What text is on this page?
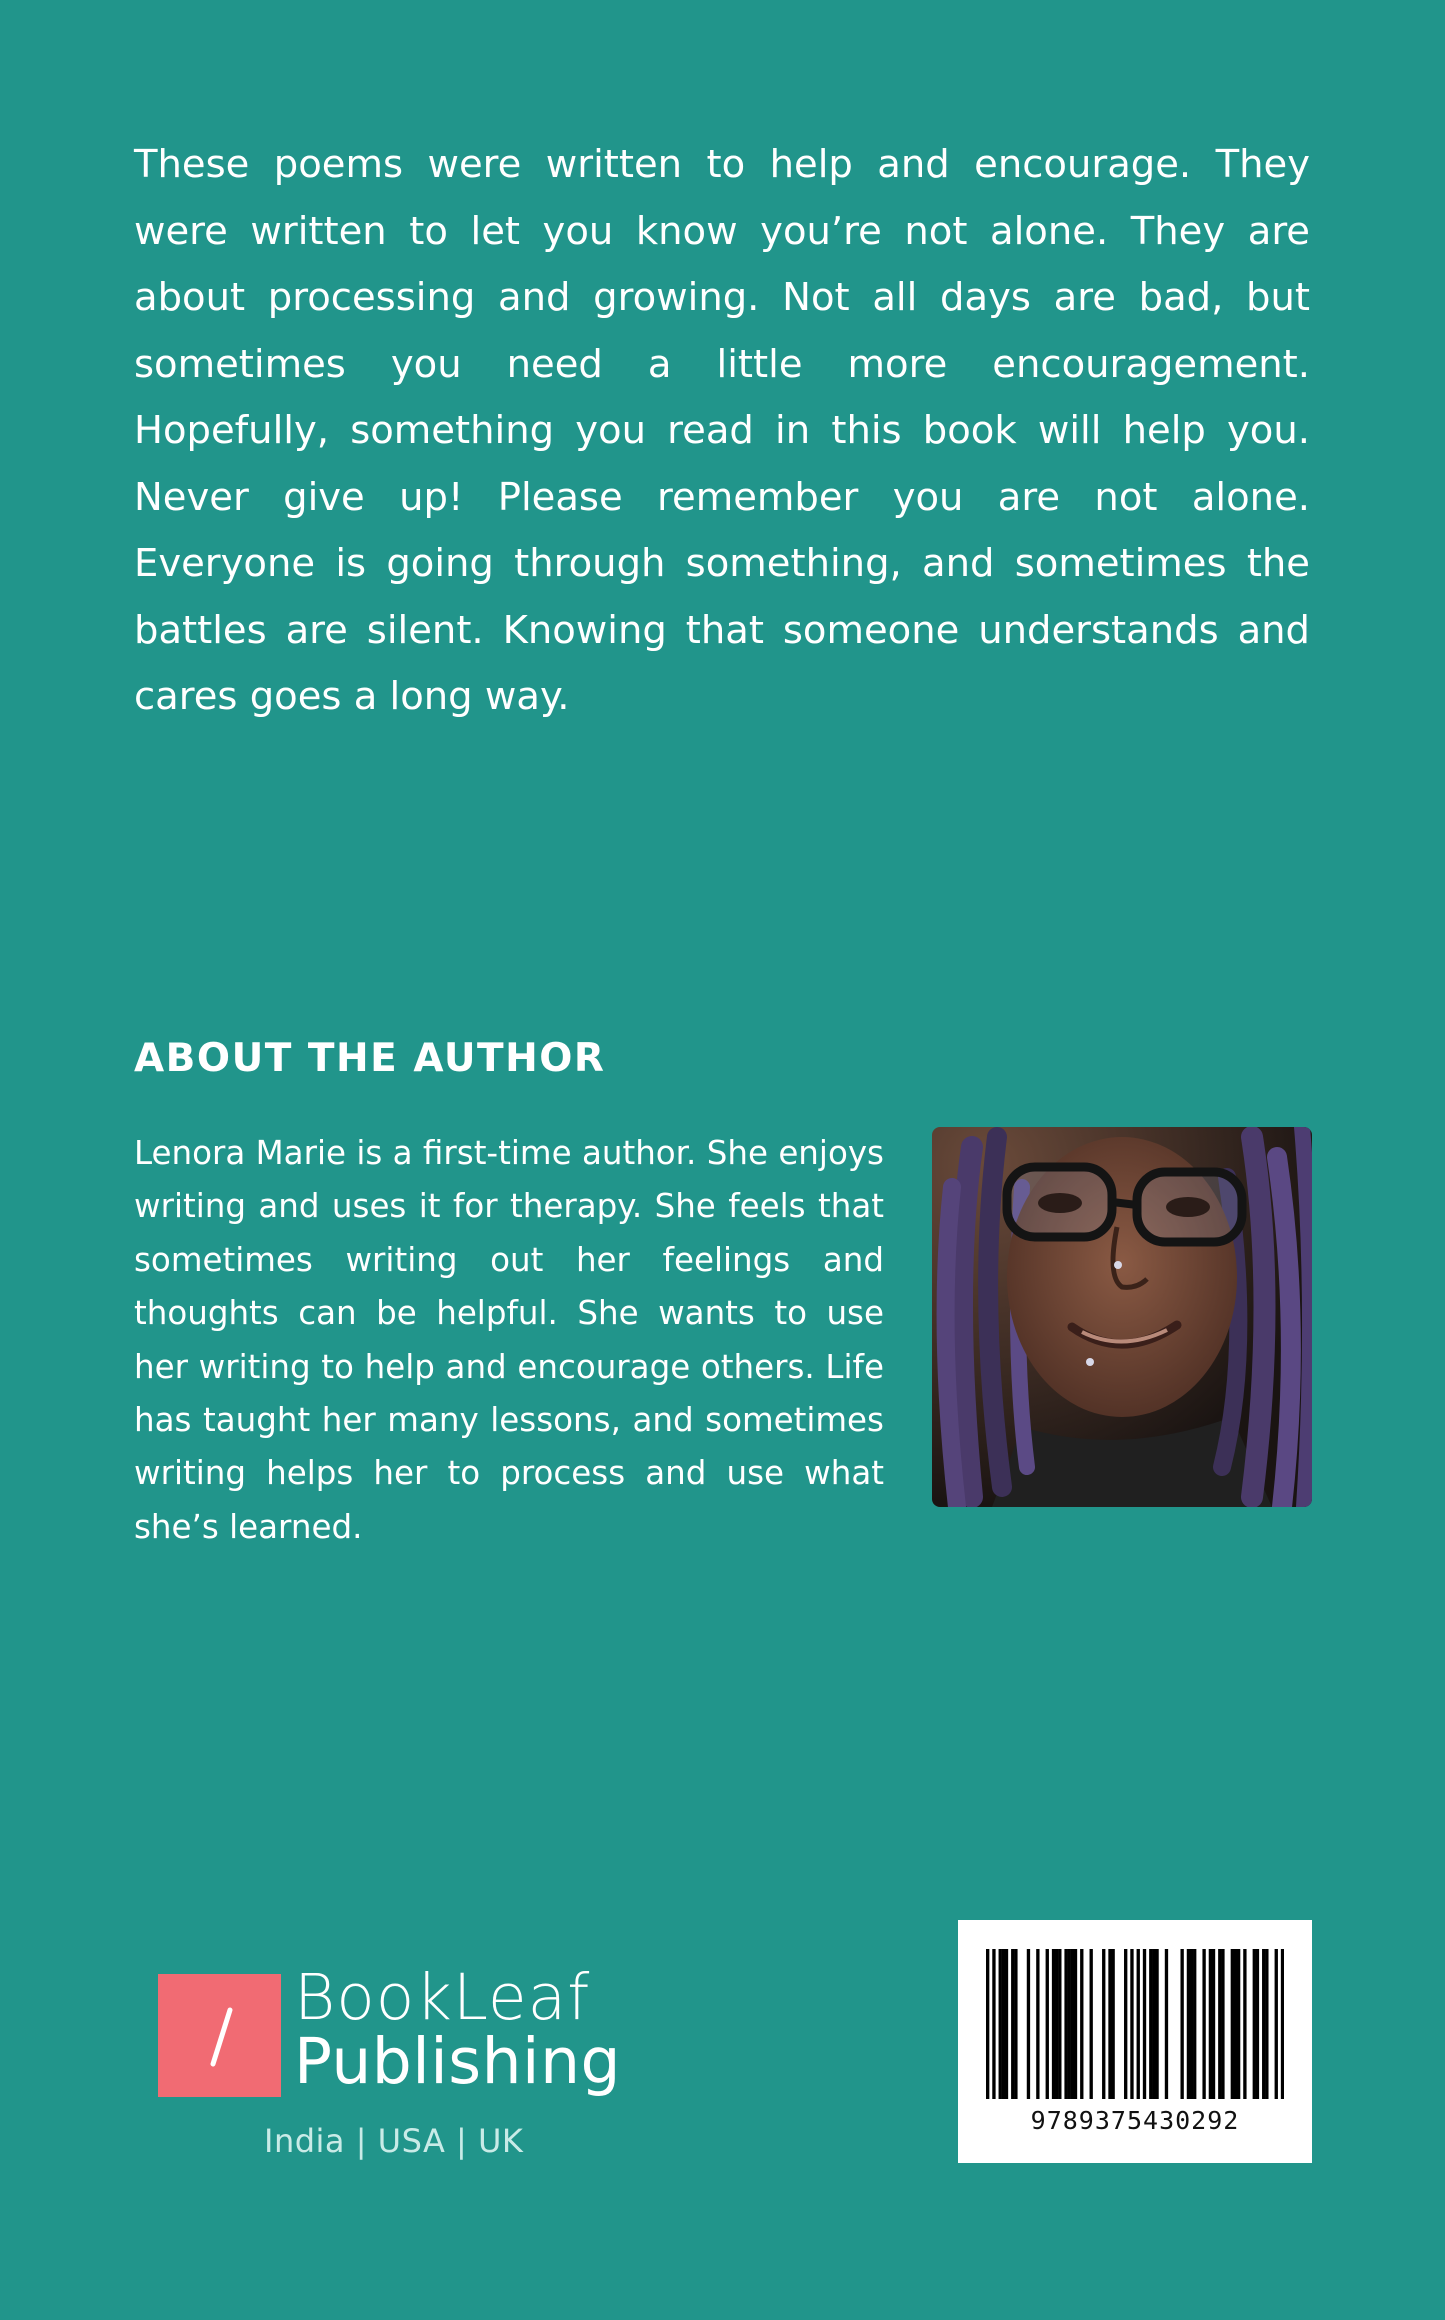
These poems were written to help and encourage. They were written to let you know you’re not alone. They are about processing and growing. Not all days are bad, but sometimes you need a little more encouragement. Hopefully, something you read in this book will help you. Never give up! Please remember you are not alone. Everyone is going through something, and sometimes the battles are silent. Knowing that someone understands and cares goes a long way.

ABOUT THE AUTHOR

Lenora Marie is a first-time author. She enjoys writing and uses it for therapy. She feels that sometimes writing out her feelings and thoughts can be helpful. She wants to use her writing to help and encourage others. Life has taught her many lessons, and sometimes writing helps her to process and use what she’s learned.

BookLeaf
Publishing
India | USA | UK
9789375430292
